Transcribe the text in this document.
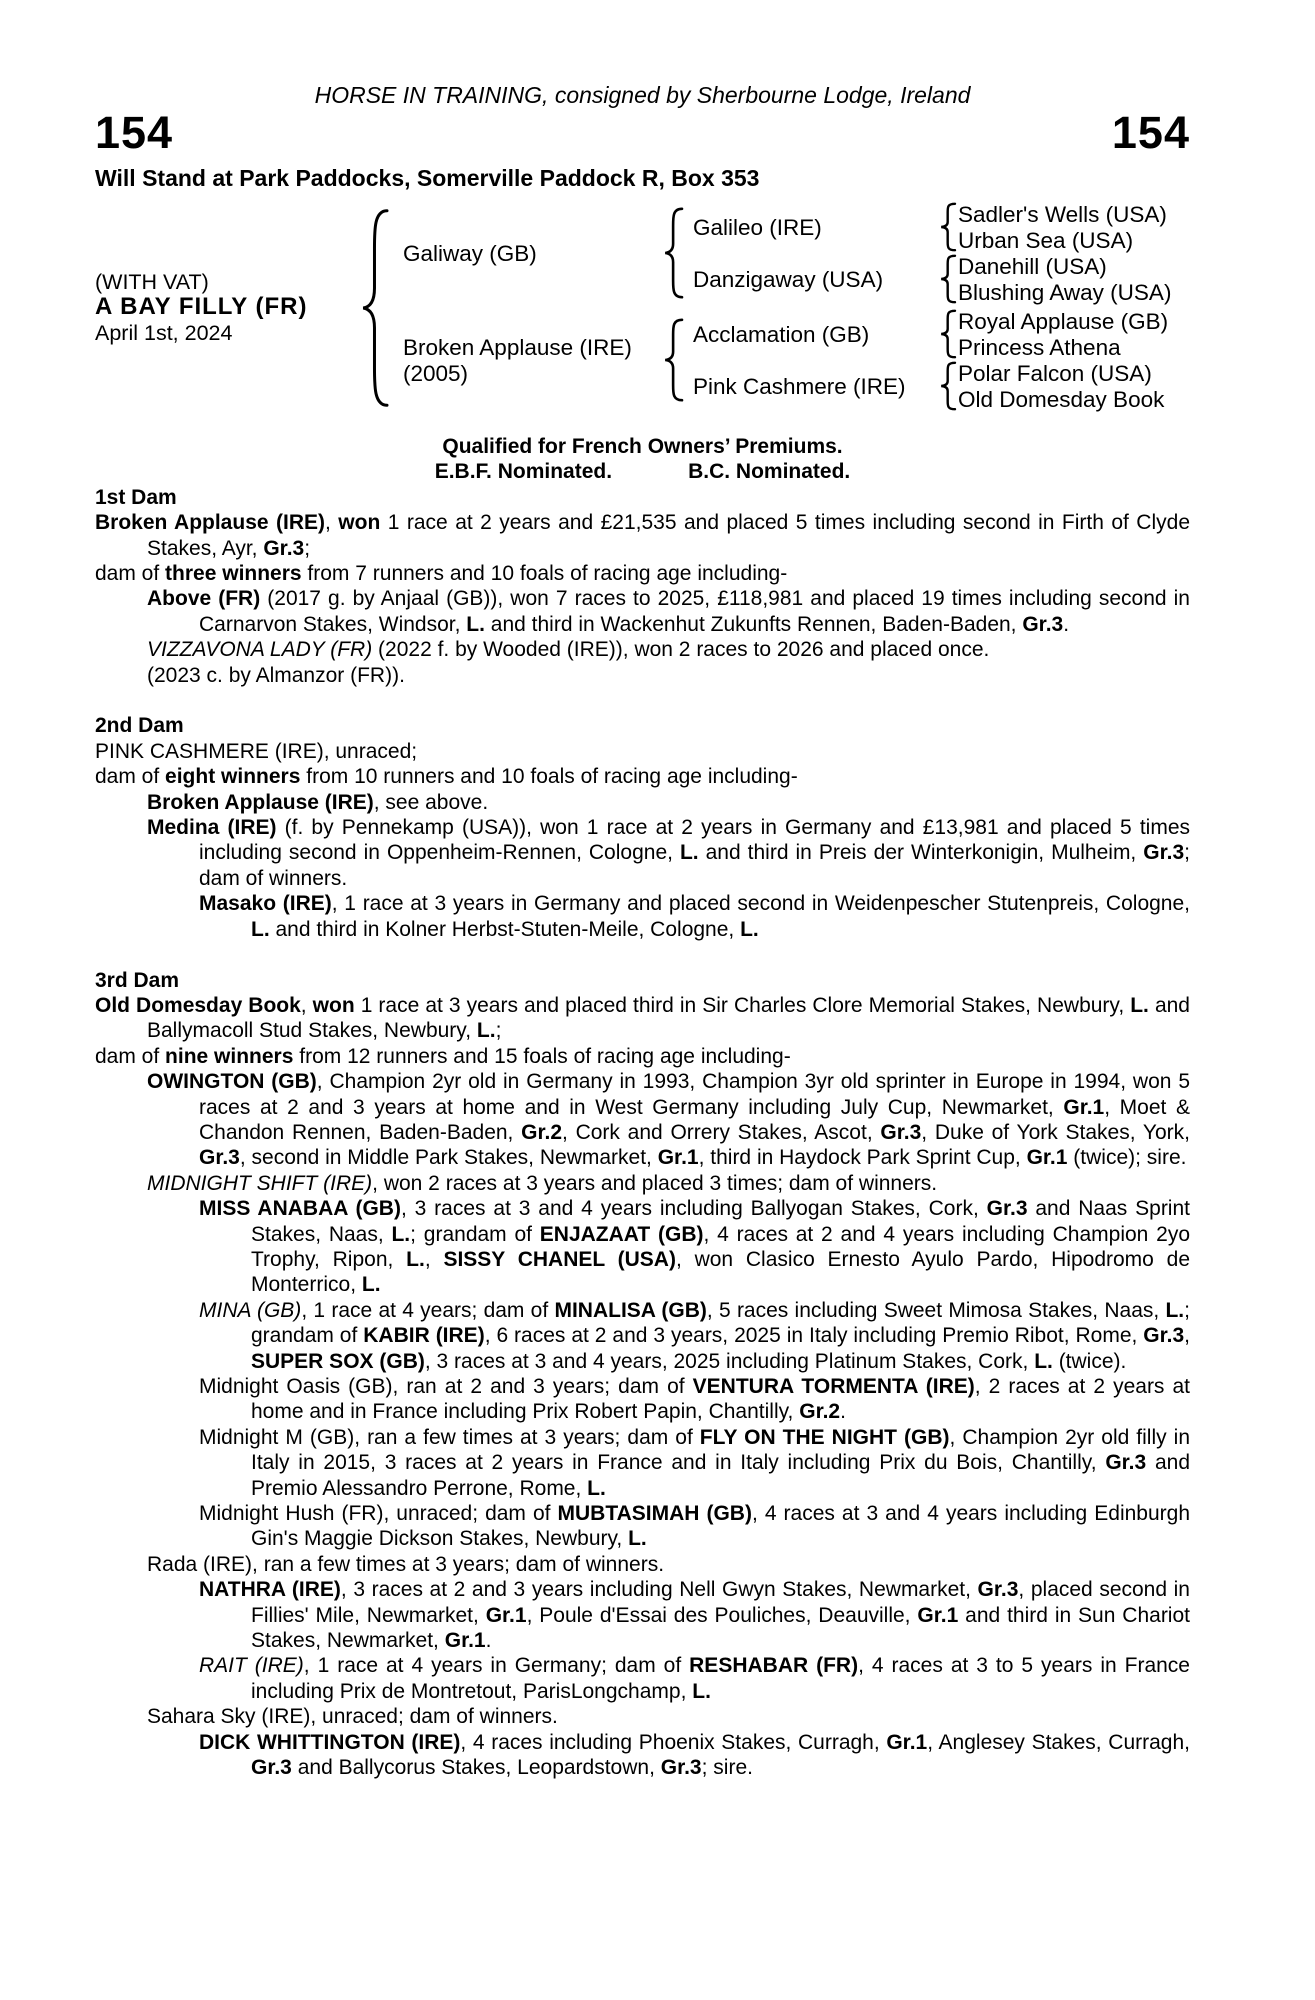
HORSE IN TRAINING, consigned by Sherbourne Lodge, Ireland
154	154
Will Stand at Park Paddocks, Somerville Paddock R, Box 353
(WITH VAT)
A BAY FILLY (FR)
April 1st, 2024
Galiway (GB)
Broken Applause (IRE)
(2005)
Galileo (IRE)
Danzigaway (USA)
Acclamation (GB)
Pink Cashmere (IRE)
Sadler's Wells (USA)
Urban Sea (USA)
Danehill (USA)
Blushing Away (USA)
Royal Applause (GB)
Princess Athena
Polar Falcon (USA)
Old Domesday Book
Qualified for French Owners’ Premiums.
E.B.F. Nominated.	B.C. Nominated.
1st Dam
Broken Applause (IRE), won 1 race at 2 years and £21,535 and placed 5 times including second in Firth of Clyde Stakes, Ayr, Gr.3;
dam of three winners from 7 runners and 10 foals of racing age including-
Above (FR) (2017 g. by Anjaal (GB)), won 7 races to 2025, £118,981 and placed 19 times including second in Carnarvon Stakes, Windsor, L. and third in Wackenhut Zukunfts Rennen, Baden-Baden, Gr.3.
VIZZAVONA LADY (FR) (2022 f. by Wooded (IRE)), won 2 races to 2026 and placed once.
(2023 c. by Almanzor (FR)).
2nd Dam
PINK CASHMERE (IRE), unraced;
dam of eight winners from 10 runners and 10 foals of racing age including-
Broken Applause (IRE), see above.
Medina (IRE) (f. by Pennekamp (USA)), won 1 race at 2 years in Germany and £13,981 and placed 5 times including second in Oppenheim-Rennen, Cologne, L. and third in Preis der Winterkonigin, Mulheim, Gr.3; dam of winners.
Masako (IRE), 1 race at 3 years in Germany and placed second in Weidenpescher Stutenpreis, Cologne, L. and third in Kolner Herbst-Stuten-Meile, Cologne, L.
3rd Dam
Old Domesday Book, won 1 race at 3 years and placed third in Sir Charles Clore Memorial Stakes, Newbury, L. and Ballymacoll Stud Stakes, Newbury, L.;
dam of nine winners from 12 runners and 15 foals of racing age including-
OWINGTON (GB), Champion 2yr old in Germany in 1993, Champion 3yr old sprinter in Europe in 1994, won 5 races at 2 and 3 years at home and in West Germany including July Cup, Newmarket, Gr.1, Moet & Chandon Rennen, Baden-Baden, Gr.2, Cork and Orrery Stakes, Ascot, Gr.3, Duke of York Stakes, York, Gr.3, second in Middle Park Stakes, Newmarket, Gr.1, third in Haydock Park Sprint Cup, Gr.1 (twice); sire.
MIDNIGHT SHIFT (IRE), won 2 races at 3 years and placed 3 times; dam of winners.
MISS ANABAA (GB), 3 races at 3 and 4 years including Ballyogan Stakes, Cork, Gr.3 and Naas Sprint Stakes, Naas, L.; grandam of ENJAZAAT (GB), 4 races at 2 and 4 years including Champion 2yo Trophy, Ripon, L., SISSY CHANEL (USA), won Clasico Ernesto Ayulo Pardo, Hipodromo de Monterrico, L.
MINA (GB), 1 race at 4 years; dam of MINALISA (GB), 5 races including Sweet Mimosa Stakes, Naas, L.; grandam of KABIR (IRE), 6 races at 2 and 3 years, 2025 in Italy including Premio Ribot, Rome, Gr.3, SUPER SOX (GB), 3 races at 3 and 4 years, 2025 including Platinum Stakes, Cork, L. (twice).
Midnight Oasis (GB), ran at 2 and 3 years; dam of VENTURA TORMENTA (IRE), 2 races at 2 years at home and in France including Prix Robert Papin, Chantilly, Gr.2.
Midnight M (GB), ran a few times at 3 years; dam of FLY ON THE NIGHT (GB), Champion 2yr old filly in Italy in 2015, 3 races at 2 years in France and in Italy including Prix du Bois, Chantilly, Gr.3 and Premio Alessandro Perrone, Rome, L.
Midnight Hush (FR), unraced; dam of MUBTASIMAH (GB), 4 races at 3 and 4 years including Edinburgh Gin's Maggie Dickson Stakes, Newbury, L.
Rada (IRE), ran a few times at 3 years; dam of winners.
NATHRA (IRE), 3 races at 2 and 3 years including Nell Gwyn Stakes, Newmarket, Gr.3, placed second in Fillies' Mile, Newmarket, Gr.1, Poule d'Essai des Pouliches, Deauville, Gr.1 and third in Sun Chariot Stakes, Newmarket, Gr.1.
RAIT (IRE), 1 race at 4 years in Germany; dam of RESHABAR (FR), 4 races at 3 to 5 years in France including Prix de Montretout, ParisLongchamp, L.
Sahara Sky (IRE), unraced; dam of winners.
DICK WHITTINGTON (IRE), 4 races including Phoenix Stakes, Curragh, Gr.1, Anglesey Stakes, Curragh, Gr.3 and Ballycorus Stakes, Leopardstown, Gr.3; sire.
